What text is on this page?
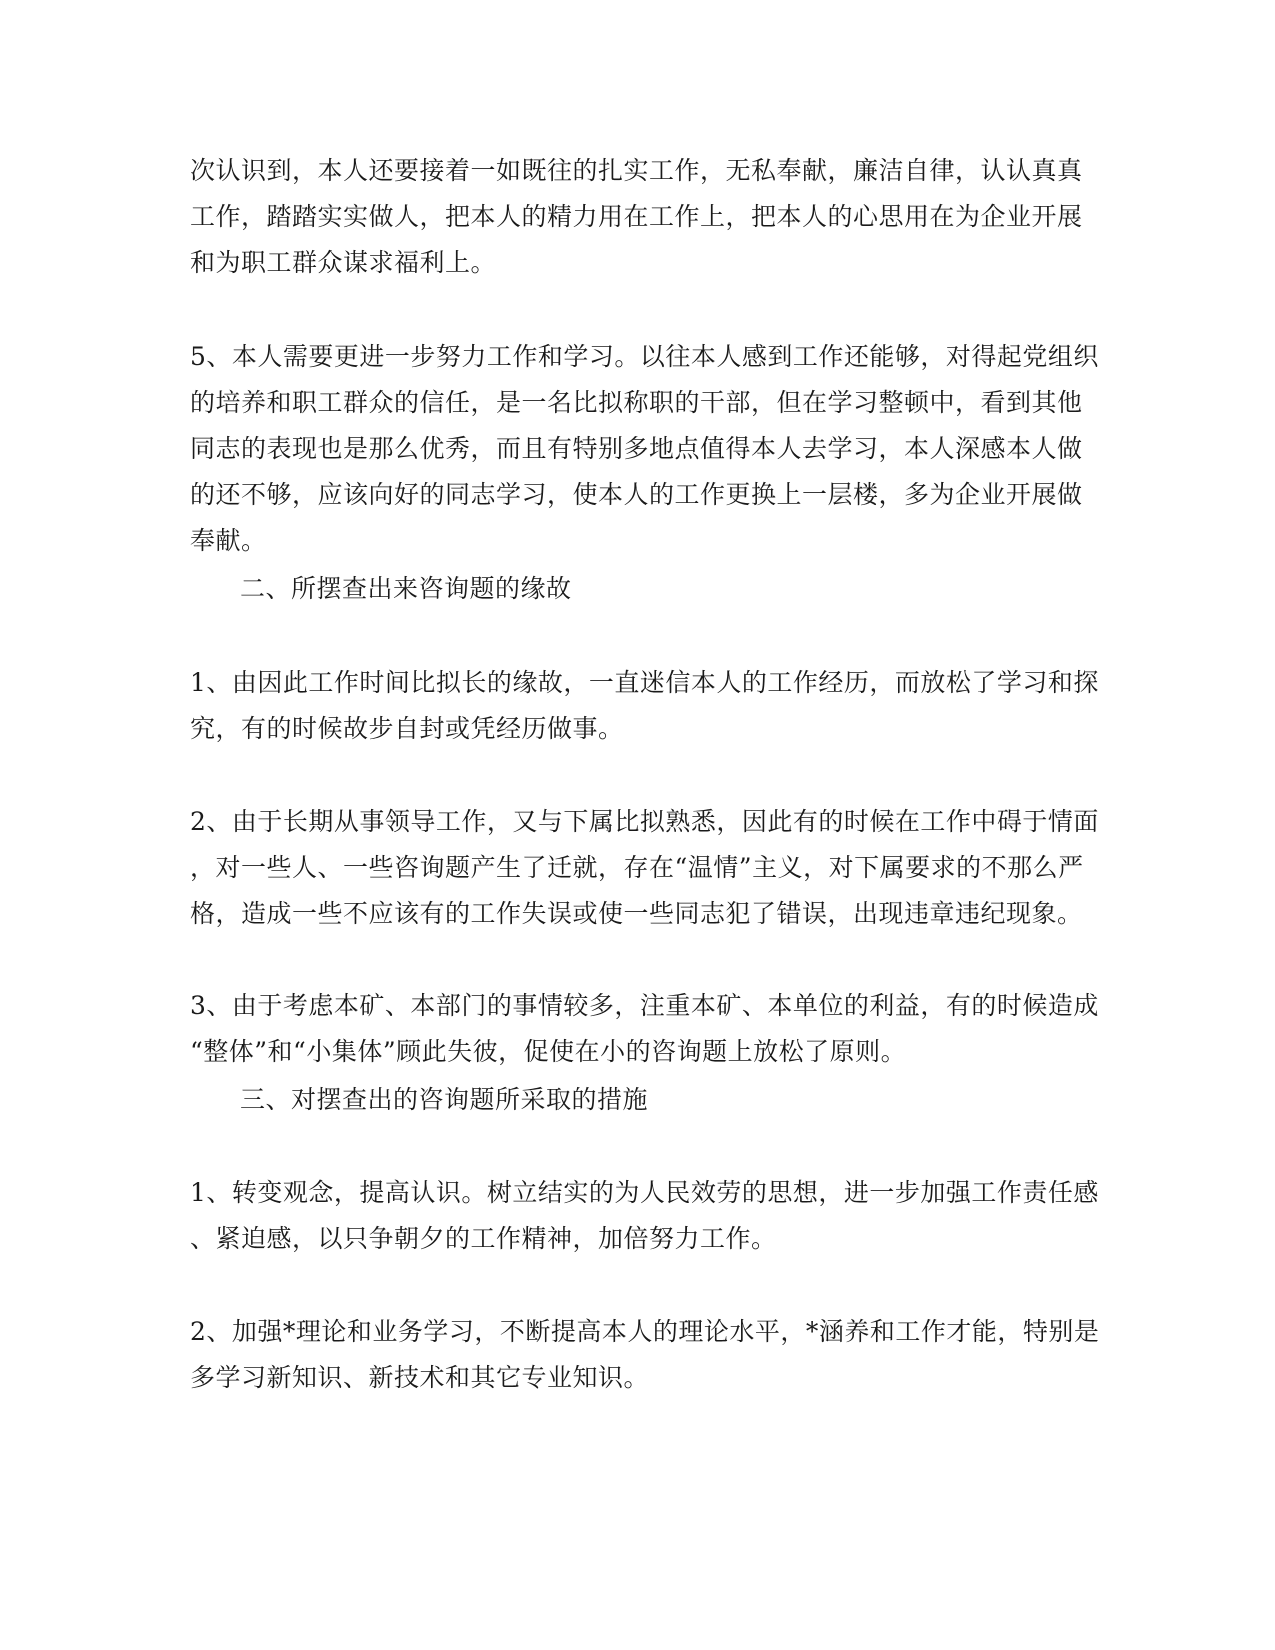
次认识到，本人还要接着一如既往的扎实工作，无私奉献，廉洁自律，认认真真
工作，踏踏实实做人，把本人的精力用在工作上，把本人的心思用在为企业开展
和为职工群众谋求福利上。
5、本人需要更进一步努力工作和学习。以往本人感到工作还能够，对得起党组织
的培养和职工群众的信任，是一名比拟称职的干部，但在学习整顿中，看到其他
同志的表现也是那么优秀，而且有特别多地点值得本人去学习，本人深感本人做
的还不够，应该向好的同志学习，使本人的工作更换上一层楼，多为企业开展做
奉献。
二、所摆查出来咨询题的缘故
1、由因此工作时间比拟长的缘故，一直迷信本人的工作经历，而放松了学习和探
究，有的时候故步自封或凭经历做事。
2、由于长期从事领导工作，又与下属比拟熟悉，因此有的时候在工作中碍于情面
，对一些人、一些咨询题产生了迁就，存在“温情”主义，对下属要求的不那么严
格，造成一些不应该有的工作失误或使一些同志犯了错误，出现违章违纪现象。
3、由于考虑本矿、本部门的事情较多，注重本矿、本单位的利益，有的时候造成
“整体”和“小集体”顾此失彼，促使在小的咨询题上放松了原则。
三、对摆查出的咨询题所采取的措施
1、转变观念，提高认识。树立结实的为人民效劳的思想，进一步加强工作责任感
、紧迫感，以只争朝夕的工作精神，加倍努力工作。
2、加强*理论和业务学习，不断提高本人的理论水平，*涵养和工作才能，特别是
多学习新知识、新技术和其它专业知识。
